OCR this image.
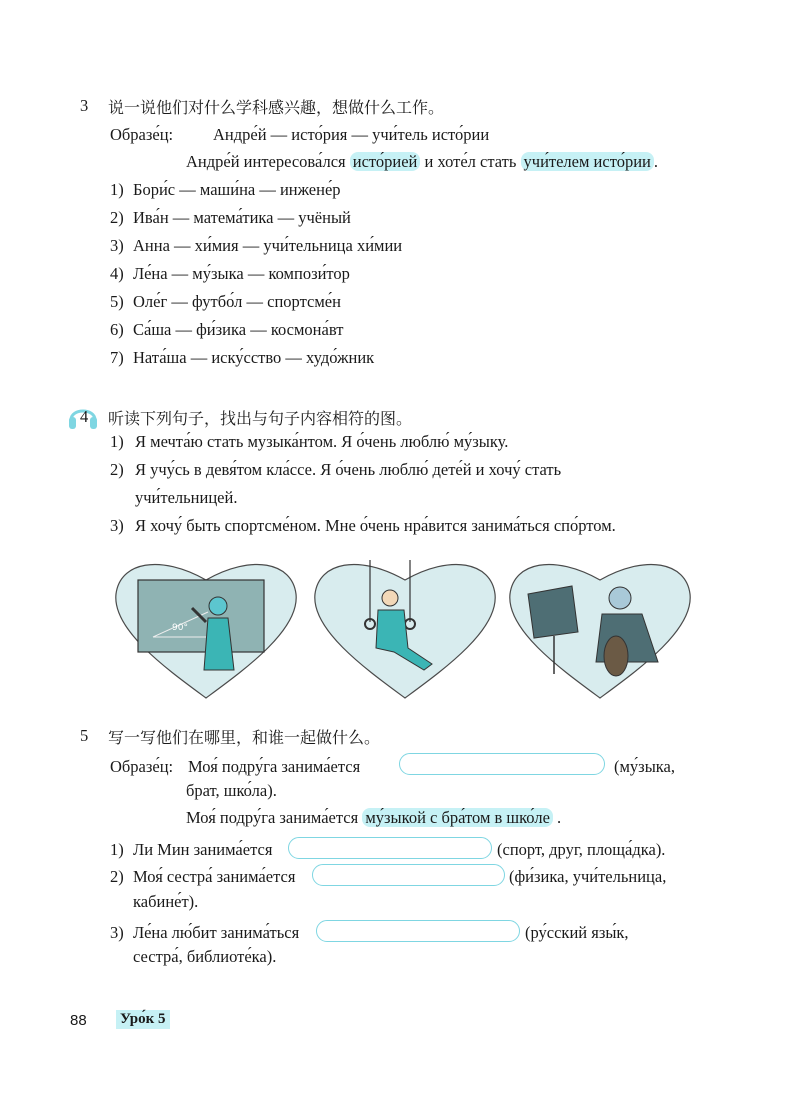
3 说一说他们对什么学科感兴趣，想做什么工作。
Образе́ц: Андре́й — исто́рия — учи́тель исто́рии
Андре́й интересова́лся исто́рией и хоте́л стать учи́телем исто́рии .
1) Бори́с — маши́на — инжене́р
2) Ива́н — матема́тика — учёный
3) Анна — хи́мия — учи́тельница хи́мии
4) Ле́на — му́зыка — компози́тор
5) Оле́г — футбо́л — спортсме́н
6) Са́ша — фи́зика — космона́вт
7) Ната́ша — иску́сство — худо́жник
4 听读下列句子，找出与句子内容相符的图。
1) Я мечта́ю стать музыка́нтом. Я о́чень люблю́ му́зыку.
2) Я учу́сь в девя́том кла́ссе. Я о́чень люблю́ дете́й и хочу́ стать
учи́тельницей.
3) Я хочу́ быть спортсме́ном. Мне о́чень нра́вится занима́ться спо́ртом.
90°
5 写一写他们在哪里，和谁一起做什么。
Образе́ц: Моя́ подру́га занима́ется	(му́зыка,
брат, шко́ла).
Моя́ подру́га занима́ется му́зыкой с бра́том в шко́ле .
1) Ли Мин занима́ется	(спорт, друг, площа́дка).
2) Моя́ сестра́ занима́ется	(фи́зика, учи́тельница,
кабине́т).
3) Ле́на лю́бит занима́ться	(ру́сский язы́к,
сестра́, библиоте́ка).
88 Уро́к 5
